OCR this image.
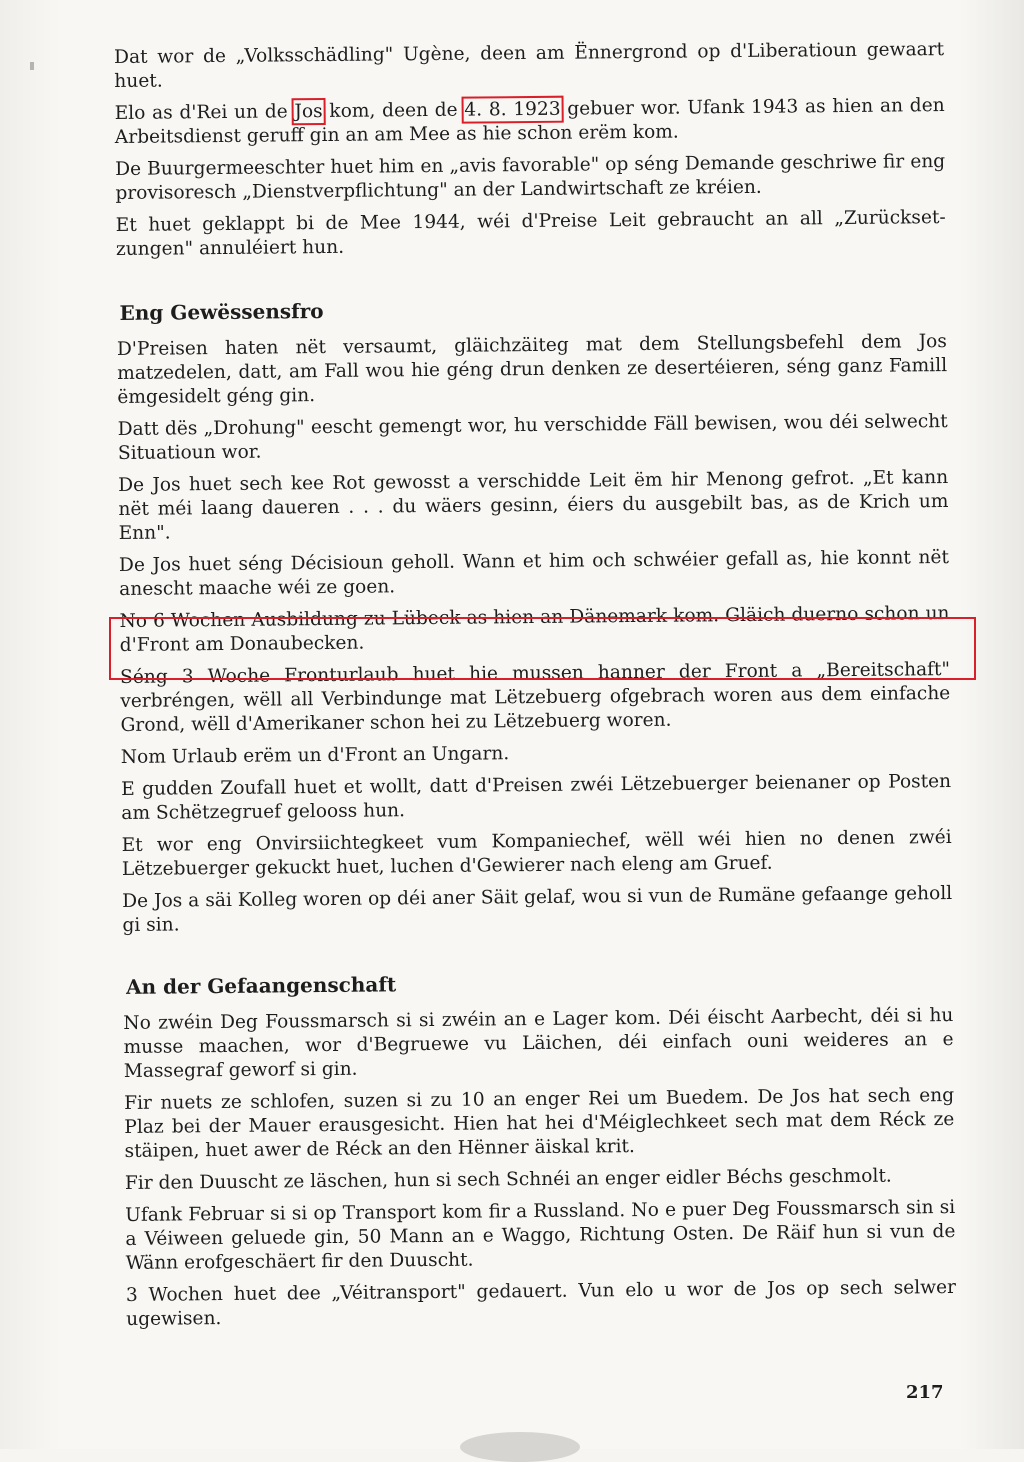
Dat wor de „Volksschädling" Ugène, deen am Ënnergrond op d'Liberatioun gewaart huet.

Elo as d'Rei un de Jos kom, deen de 4. 8. 1923 gebuer wor. Ufank 1943 as hien an den Arbeitsdienst geruff gin an am Mee as hie schon erëm kom.

De Buurgermeeschter huet him en „avis favorable" op séng Demande geschriwe fir eng provisoresch „Dienstverpflichtung" an der Landwirtschaft ze kréien.

Et huet geklappt bi de Mee 1944, wéi d'Preise Leit gebraucht an all „Zurückset-zungen" annuléiert hun.

Eng Gewëssensfro

D'Preisen haten nët versaumt, gläichzäiteg mat dem Stellungsbefehl dem Jos matzedelen, datt, am Fall wou hie géng drun denken ze desertéieren, séng ganz Famill ëmgesidelt géng gin.

Datt dës „Drohung" eescht gemengt wor, hu verschidde Fäll bewisen, wou déi selwecht Situatioun wor.

De Jos huet sech kee Rot gewosst a verschidde Leit ëm hir Menong gefrot. „Et kann nët méi laang daueren . . . du wäers gesinn, éiers du ausgebilt bas, as de Krich um Enn".

De Jos huet séng Décisioun geholl. Wann et him och schwéier gefall as, hie konnt nët anescht maache wéi ze goen.

No 6 Wochen Ausbildung zu Lübeck as hien an Dänemark kom. Gläich duerno schon un d'Front am Donaubecken.

Séng 3 Woche Fronturlaub huet hie mussen hanner der Front a „Bereitschaft" verbréngen, wëll all Verbindunge mat Lëtzebuerg ofgebrach woren aus dem einfache Grond, wëll d'Amerikaner schon hei zu Lëtzebuerg woren.

Nom Urlaub erëm un d'Front an Ungarn.

E gudden Zoufall huet et wollt, datt d'Preisen zwéi Lëtzebuerger beienaner op Posten am Schëtzegruef gelooss hun.

Et wor eng Onvirsiichtegkeet vum Kompaniechef, wëll wéi hien no denen zwéi Lëtzebuerger gekuckt huet, luchen d'Gewierer nach eleng am Gruef.

De Jos a säi Kolleg woren op déi aner Säit gelaf, wou si vun de Rumäne gefaange geholl gi sin.

An der Gefaangenschaft

No zwéin Deg Foussmarsch si si zwéin an e Lager kom. Déi éischt Aarbecht, déi si hu musse maachen, wor d'Begruewe vu Läichen, déi einfach ouni weideres an e Massegraf geworf si gin.

Fir nuets ze schlofen, suzen si zu 10 an enger Rei um Buedem. De Jos hat sech eng Plaz bei der Mauer erausgesicht. Hien hat hei d'Méiglechkeet sech mat dem Réck ze stäipen, huet awer de Réck an den Hënner äiskal krit.

Fir den Duuscht ze läschen, hun si sech Schnéi an enger eidler Béchs geschmolt.

Ufank Februar si si op Transport kom fir a Russland. No e puer Deg Foussmarsch sin si a Véiween geluede gin, 50 Mann an e Waggo, Richtung Osten. De Räif hun si vun de Wänn erofgeschäert fir den Duuscht.

3 Wochen huet dee „Véitransport" gedauert. Vun elo u wor de Jos op sech selwer ugewisen.

217
